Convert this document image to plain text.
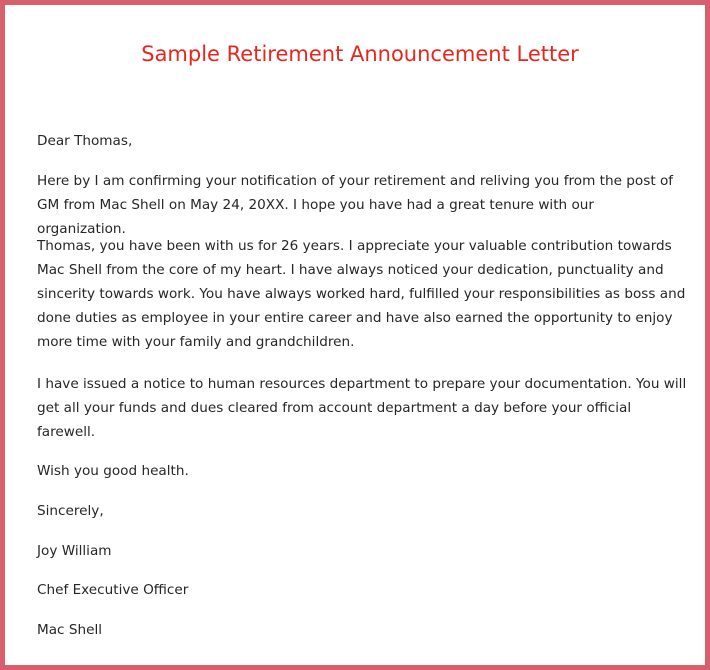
Sample Retirement Announcement Letter

Dear Thomas,

Here by I am confirming your notification of your retirement and reliving you from the post of GM from Mac Shell on May 24, 20XX. I hope you have had a great tenure with our organization.

Thomas, you have been with us for 26 years. I appreciate your valuable contribution towards Mac Shell from the core of my heart. I have always noticed your dedication, punctuality and sincerity towards work. You have always worked hard, fulfilled your responsibilities as boss and done duties as employee in your entire career and have also earned the opportunity to enjoy more time with your family and grandchildren.

I have issued a notice to human resources department to prepare your documentation. You will get all your funds and dues cleared from account department a day before your official farewell.

Wish you good health.

Sincerely,

Joy William

Chef Executive Officer

Mac Shell
